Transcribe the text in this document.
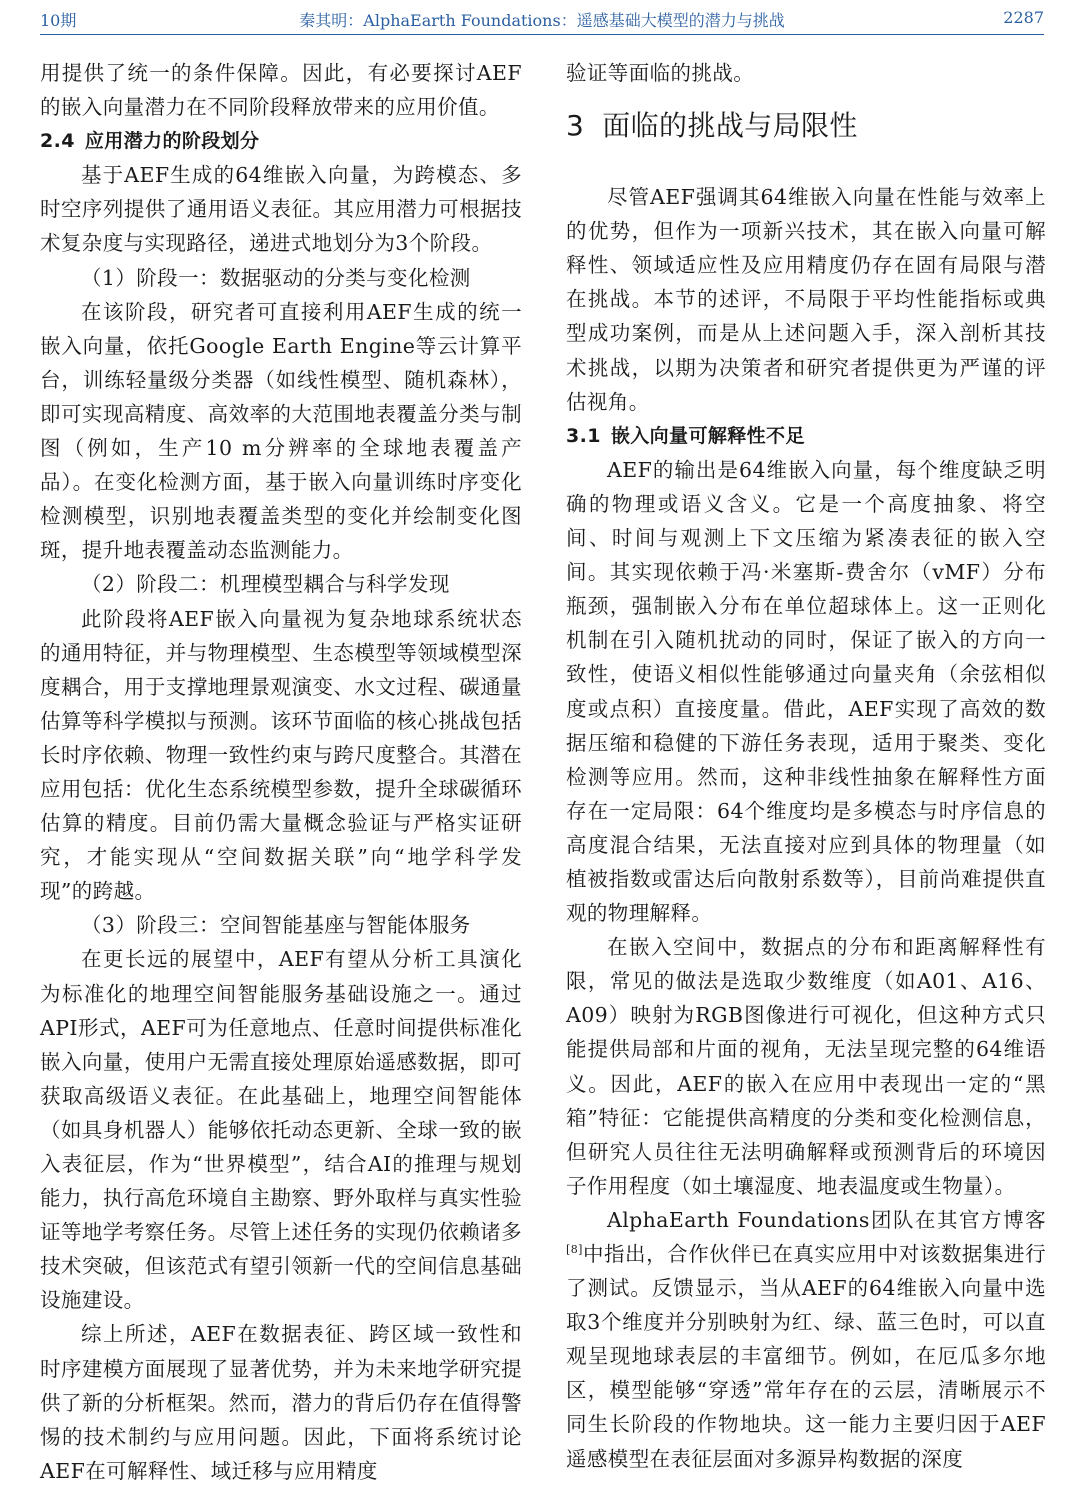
10期	秦其明：AlphaEarth Foundations：遥感基础大模型的潜力与挑战	2287

用提供了统一的条件保障。因此，有必要探讨AEF的嵌入向量潜力在不同阶段释放带来的应用价值。

2.4 应用潜力的阶段划分

基于AEF生成的64维嵌入向量，为跨模态、多时空序列提供了通用语义表征。其应用潜力可根据技术复杂度与实现路径，递进式地划分为3个阶段。

（1）阶段一：数据驱动的分类与变化检测

在该阶段，研究者可直接利用AEF生成的统一嵌入向量，依托Google Earth Engine等云计算平台，训练轻量级分类器（如线性模型、随机森林），即可实现高精度、高效率的大范围地表覆盖分类与制图（例如，生产10 m分辨率的全球地表覆盖产品）。在变化检测方面，基于嵌入向量训练时序变化检测模型，识别地表覆盖类型的变化并绘制变化图斑，提升地表覆盖动态监测能力。

（2）阶段二：机理模型耦合与科学发现

此阶段将AEF嵌入向量视为复杂地球系统状态的通用特征，并与物理模型、生态模型等领域模型深度耦合，用于支撑地理景观演变、水文过程、碳通量估算等科学模拟与预测。该环节面临的核心挑战包括长时序依赖、物理一致性约束与跨尺度整合。其潜在应用包括：优化生态系统模型参数，提升全球碳循环估算的精度。目前仍需大量概念验证与严格实证研究，才能实现从“空间数据关联”向“地学科学发现”的跨越。

（3）阶段三：空间智能基座与智能体服务

在更长远的展望中，AEF有望从分析工具演化为标准化的地理空间智能服务基础设施之一。通过API形式，AEF可为任意地点、任意时间提供标准化嵌入向量，使用户无需直接处理原始遥感数据，即可获取高级语义表征。在此基础上，地理空间智能体（如具身机器人）能够依托动态更新、全球一致的嵌入表征层，作为“世界模型”，结合AI的推理与规划能力，执行高危环境自主勘察、野外取样与真实性验证等地学考察任务。尽管上述任务的实现仍依赖诸多技术突破，但该范式有望引领新一代的空间信息基础设施建设。

综上所述，AEF在数据表征、跨区域一致性和时序建模方面展现了显著优势，并为未来地学研究提供了新的分析框架。然而，潜力的背后仍存在值得警惕的技术制约与应用问题。因此，下面将系统讨论AEF在可解释性、域迁移与应用精度

验证等面临的挑战。

3 面临的挑战与局限性

尽管AEF强调其64维嵌入向量在性能与效率上的优势，但作为一项新兴技术，其在嵌入向量可解释性、领域适应性及应用精度仍存在固有局限与潜在挑战。本节的述评，不局限于平均性能指标或典型成功案例，而是从上述问题入手，深入剖析其技术挑战，以期为决策者和研究者提供更为严谨的评估视角。

3.1 嵌入向量可解释性不足

AEF的输出是64维嵌入向量，每个维度缺乏明确的物理或语义含义。它是一个高度抽象、将空间、时间与观测上下文压缩为紧凑表征的嵌入空间。其实现依赖于冯·米塞斯-费舍尔（vMF）分布瓶颈，强制嵌入分布在单位超球体上。这一正则化机制在引入随机扰动的同时，保证了嵌入的方向一致性，使语义相似性能够通过向量夹角（余弦相似度或点积）直接度量。借此，AEF实现了高效的数据压缩和稳健的下游任务表现，适用于聚类、变化检测等应用。然而，这种非线性抽象在解释性方面存在一定局限：64个维度均是多模态与时序信息的高度混合结果，无法直接对应到具体的物理量（如植被指数或雷达后向散射系数等），目前尚难提供直观的物理解释。

在嵌入空间中，数据点的分布和距离解释性有限，常见的做法是选取少数维度（如A01、A16、A09）映射为RGB图像进行可视化，但这种方式只能提供局部和片面的视角，无法呈现完整的64维语义。因此，AEF的嵌入在应用中表现出一定的“黑箱”特征：它能提供高精度的分类和变化检测信息，但研究人员往往无法明确解释或预测背后的环境因子作用程度（如土壤湿度、地表温度或生物量）。

AlphaEarth Foundations团队在其官方博客[8]中指出，合作伙伴已在真实应用中对该数据集进行了测试。反馈显示，当从AEF的64维嵌入向量中选取3个维度并分别映射为红、绿、蓝三色时，可以直观呈现地球表层的丰富细节。例如，在厄瓜多尔地区，模型能够“穿透”常年存在的云层，清晰展示不同生长阶段的作物地块。这一能力主要归因于AEF遥感模型在表征层面对多源异构数据的深度
